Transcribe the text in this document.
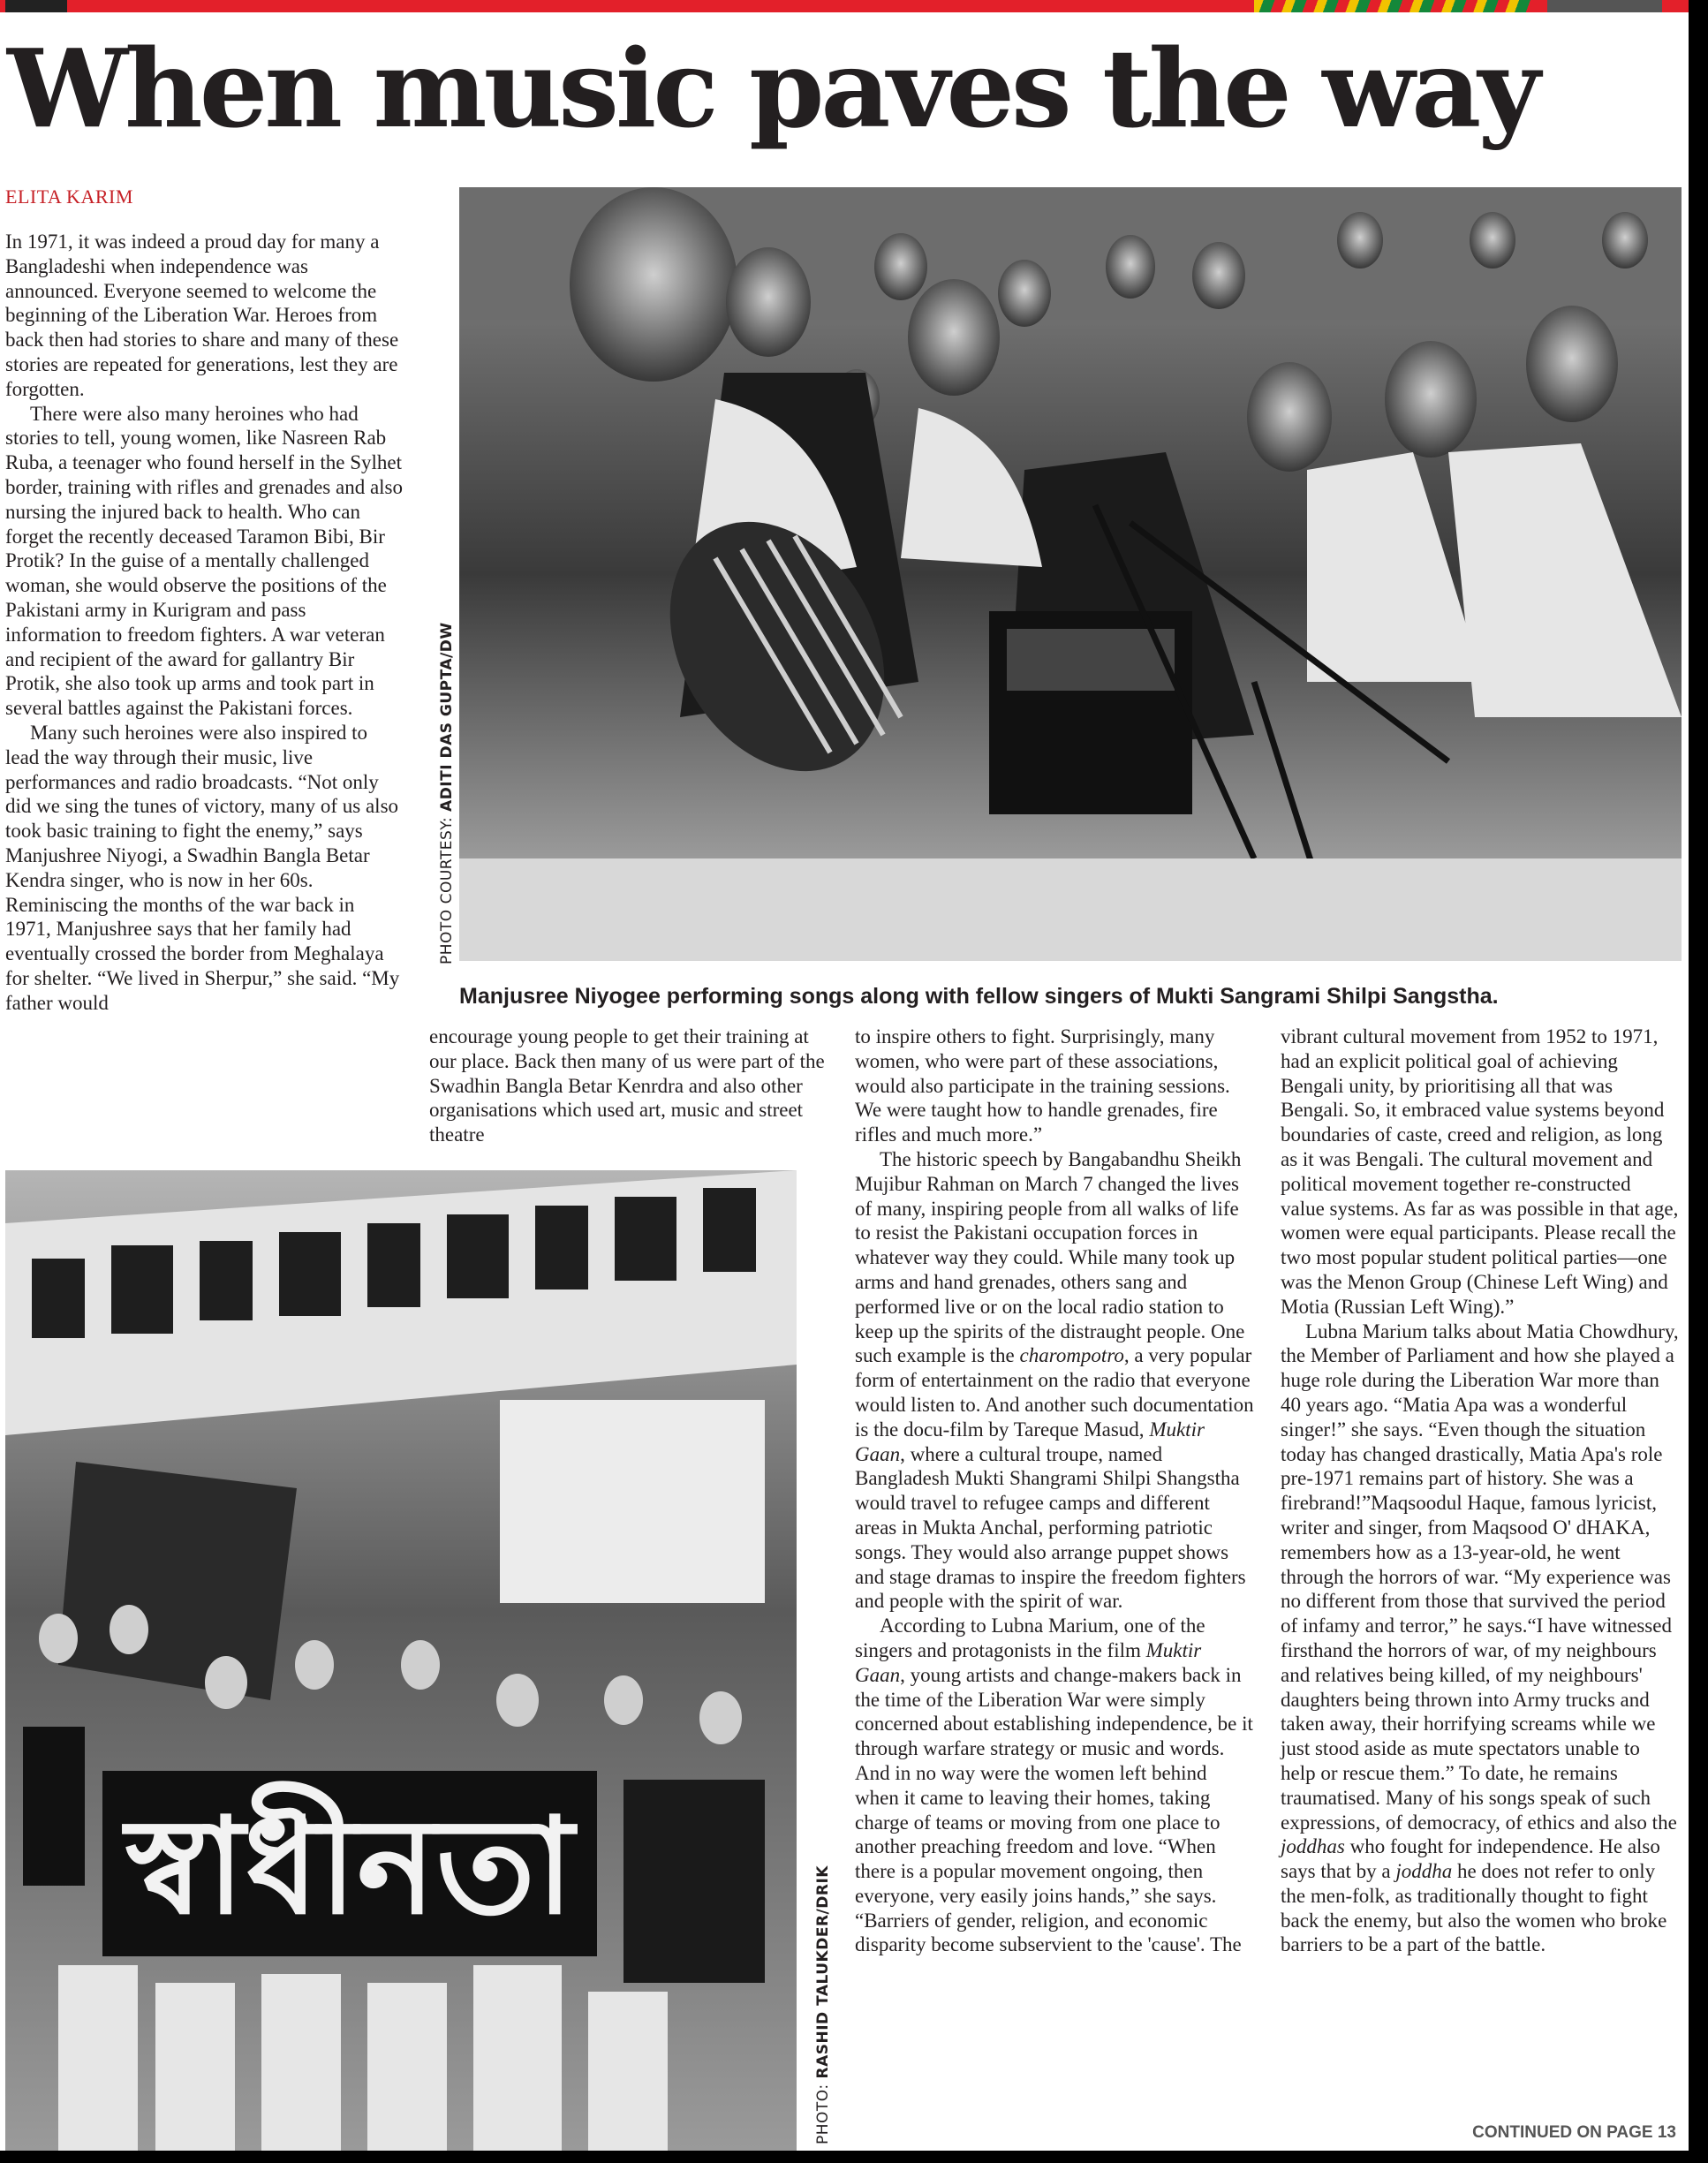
When music paves the way

ELITA KARIM

PHOTO COURTESY: ADITI DAS GUPTA/DW

Manjusree Niyogee performing songs along with fellow singers of Mukti Sangrami Shilpi Sangstha.

In 1971, it was indeed a proud day for many a Bangladeshi when independence was announced. Everyone seemed to welcome the beginning of the Liberation War. Heroes from back then had stories to share and many of these stories are repeated for generations, lest they are forgotten.

There were also many heroines who had stories to tell, young women, like Nasreen Rab Ruba, a teenager who found herself in the Sylhet border, training with rifles and grenades and also nursing the injured back to health. Who can forget the recently deceased Taramon Bibi, Bir Protik? In the guise of a mentally challenged woman, she would observe the positions of the Pakistani army in Kurigram and pass information to freedom fighters. A war veteran and recipient of the award for gallantry Bir Protik, she also took up arms and took part in several battles against the Pakistani forces.

Many such heroines were also inspired to lead the way through their music, live performances and radio broadcasts. “Not only did we sing the tunes of victory, many of us also took basic training to fight the enemy,” says Manjushree Niyogi, a Swadhin Bangla Betar Kendra singer, who is now in her 60s. Reminiscing the months of the war back in 1971, Manjushree says that her family had eventually crossed the border from Meghalaya for shelter. “We lived in Sherpur,” she said. “My father would

encourage young people to get their training at our place. Back then many of us were part of the Swadhin Bangla Betar Kenrdra and also other organisations which used art, music and street theatre

স্বাধীনতা
PHOTO: RASHID TALUKDER/DRIK

to inspire others to fight. Surprisingly, many women, who were part of these associations, would also participate in the training sessions. We were taught how to handle grenades, fire rifles and much more.”

The historic speech by Bangabandhu Sheikh Mujibur Rahman on March 7 changed the lives of many, inspiring people from all walks of life to resist the Pakistani occupation forces in whatever way they could. While many took up arms and hand grenades, others sang and performed live or on the local radio station to keep up the spirits of the distraught people. One such example is the charompotro, a very popular form of entertainment on the radio that everyone would listen to. And another such documentation is the docu-film by Tareque Masud, Muktir Gaan, where a cultural troupe, named Bangladesh Mukti Shangrami Shilpi Shangstha would travel to refugee camps and different areas in Mukta Anchal, performing patriotic songs. They would also arrange puppet shows and stage dramas to inspire the freedom fighters and people with the spirit of war.

According to Lubna Marium, one of the singers and protagonists in the film Muktir Gaan, young artists and change-makers back in the time of the Liberation War were simply concerned about establishing independence, be it through warfare strategy or music and words. And in no way were the women left behind when it came to leaving their homes, taking charge of teams or moving from one place to another preaching freedom and love. “When there is a popular movement ongoing, then everyone, very easily joins hands,” she says. “Barriers of gender, religion, and economic disparity become subservient to the 'cause'. The

vibrant cultural movement from 1952 to 1971, had an explicit political goal of achieving Bengali unity, by prioritising all that was Bengali. So, it embraced value systems beyond boundaries of caste, creed and religion, as long as it was Bengali. The cultural movement and political movement together re-constructed value systems. As far as was possible in that age, women were equal participants. Please recall the two most popular student political parties—one was the Menon Group (Chinese Left Wing) and Motia (Russian Left Wing).”

Lubna Marium talks about Matia Chowdhury, the Member of Parliament and how she played a huge role during the Liberation War more than 40 years ago. “Matia Apa was a wonderful singer!” she says. “Even though the situation today has changed drastically, Matia Apa's role pre-1971 remains part of history. She was a firebrand!”Maqsoodul Haque, famous lyricist, writer and singer, from Maqsood O' dHAKA, remembers how as a 13-year-old, he went through the horrors of war. “My experience was no different from those that survived the period of infamy and terror,” he says.“I have witnessed firsthand the horrors of war, of my neighbours and relatives being killed, of my neighbours' daughters being thrown into Army trucks and taken away, their horrifying screams while we just stood aside as mute spectators unable to help or rescue them.” To date, he remains traumatised. Many of his songs speak of such expressions, of democracy, of ethics and also the joddhas who fought for independence. He also says that by a joddha he does not refer to only the men-folk, as traditionally thought to fight back the enemy, but also the women who broke barriers to be a part of the battle.

CONTINUED ON PAGE 13
